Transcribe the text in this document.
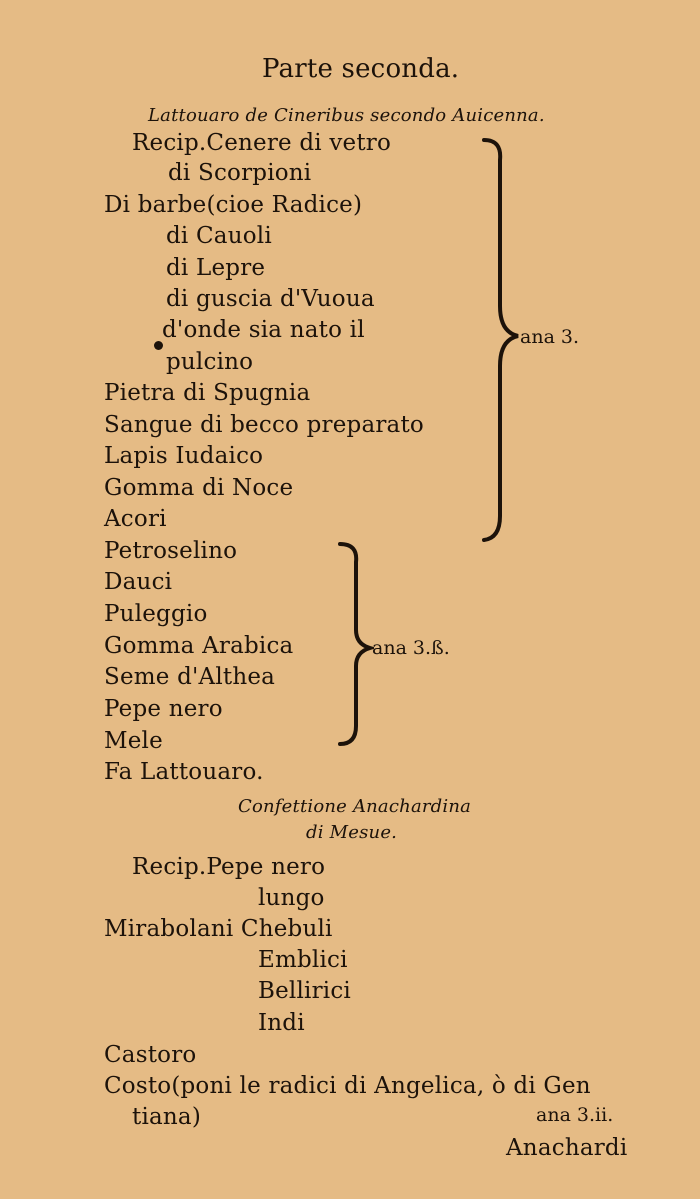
Parte seconda.
Lattouaro de Cineribus secondo Auicenna.
Recip.Cenere di vetro
di Scorpioni
Di barbe(cioe Radice)
di Cauoli
di Lepre
di guscia d'Vuoua
d'onde sia nato il
pulcino
Pietra di Spugnia
Sangue di becco preparato
Lapis Iudaico
Gomma di Noce
Acori
Petroselino
Dauci
Puleggio
Gomma Arabica
Seme d'Althea
Pepe nero
Mele
Fa Lattouaro.
ana 3.
ana 3.ß.
Confettione Anachardina
di Mesue.
Recip.Pepe nero
lungo
Mirabolani Chebuli
Emblici
Bellirici
Indi
Castoro
Costo(poni le radici di Angelica, ò di Gen
tiana)	ana 3.ii.
Anachardi
